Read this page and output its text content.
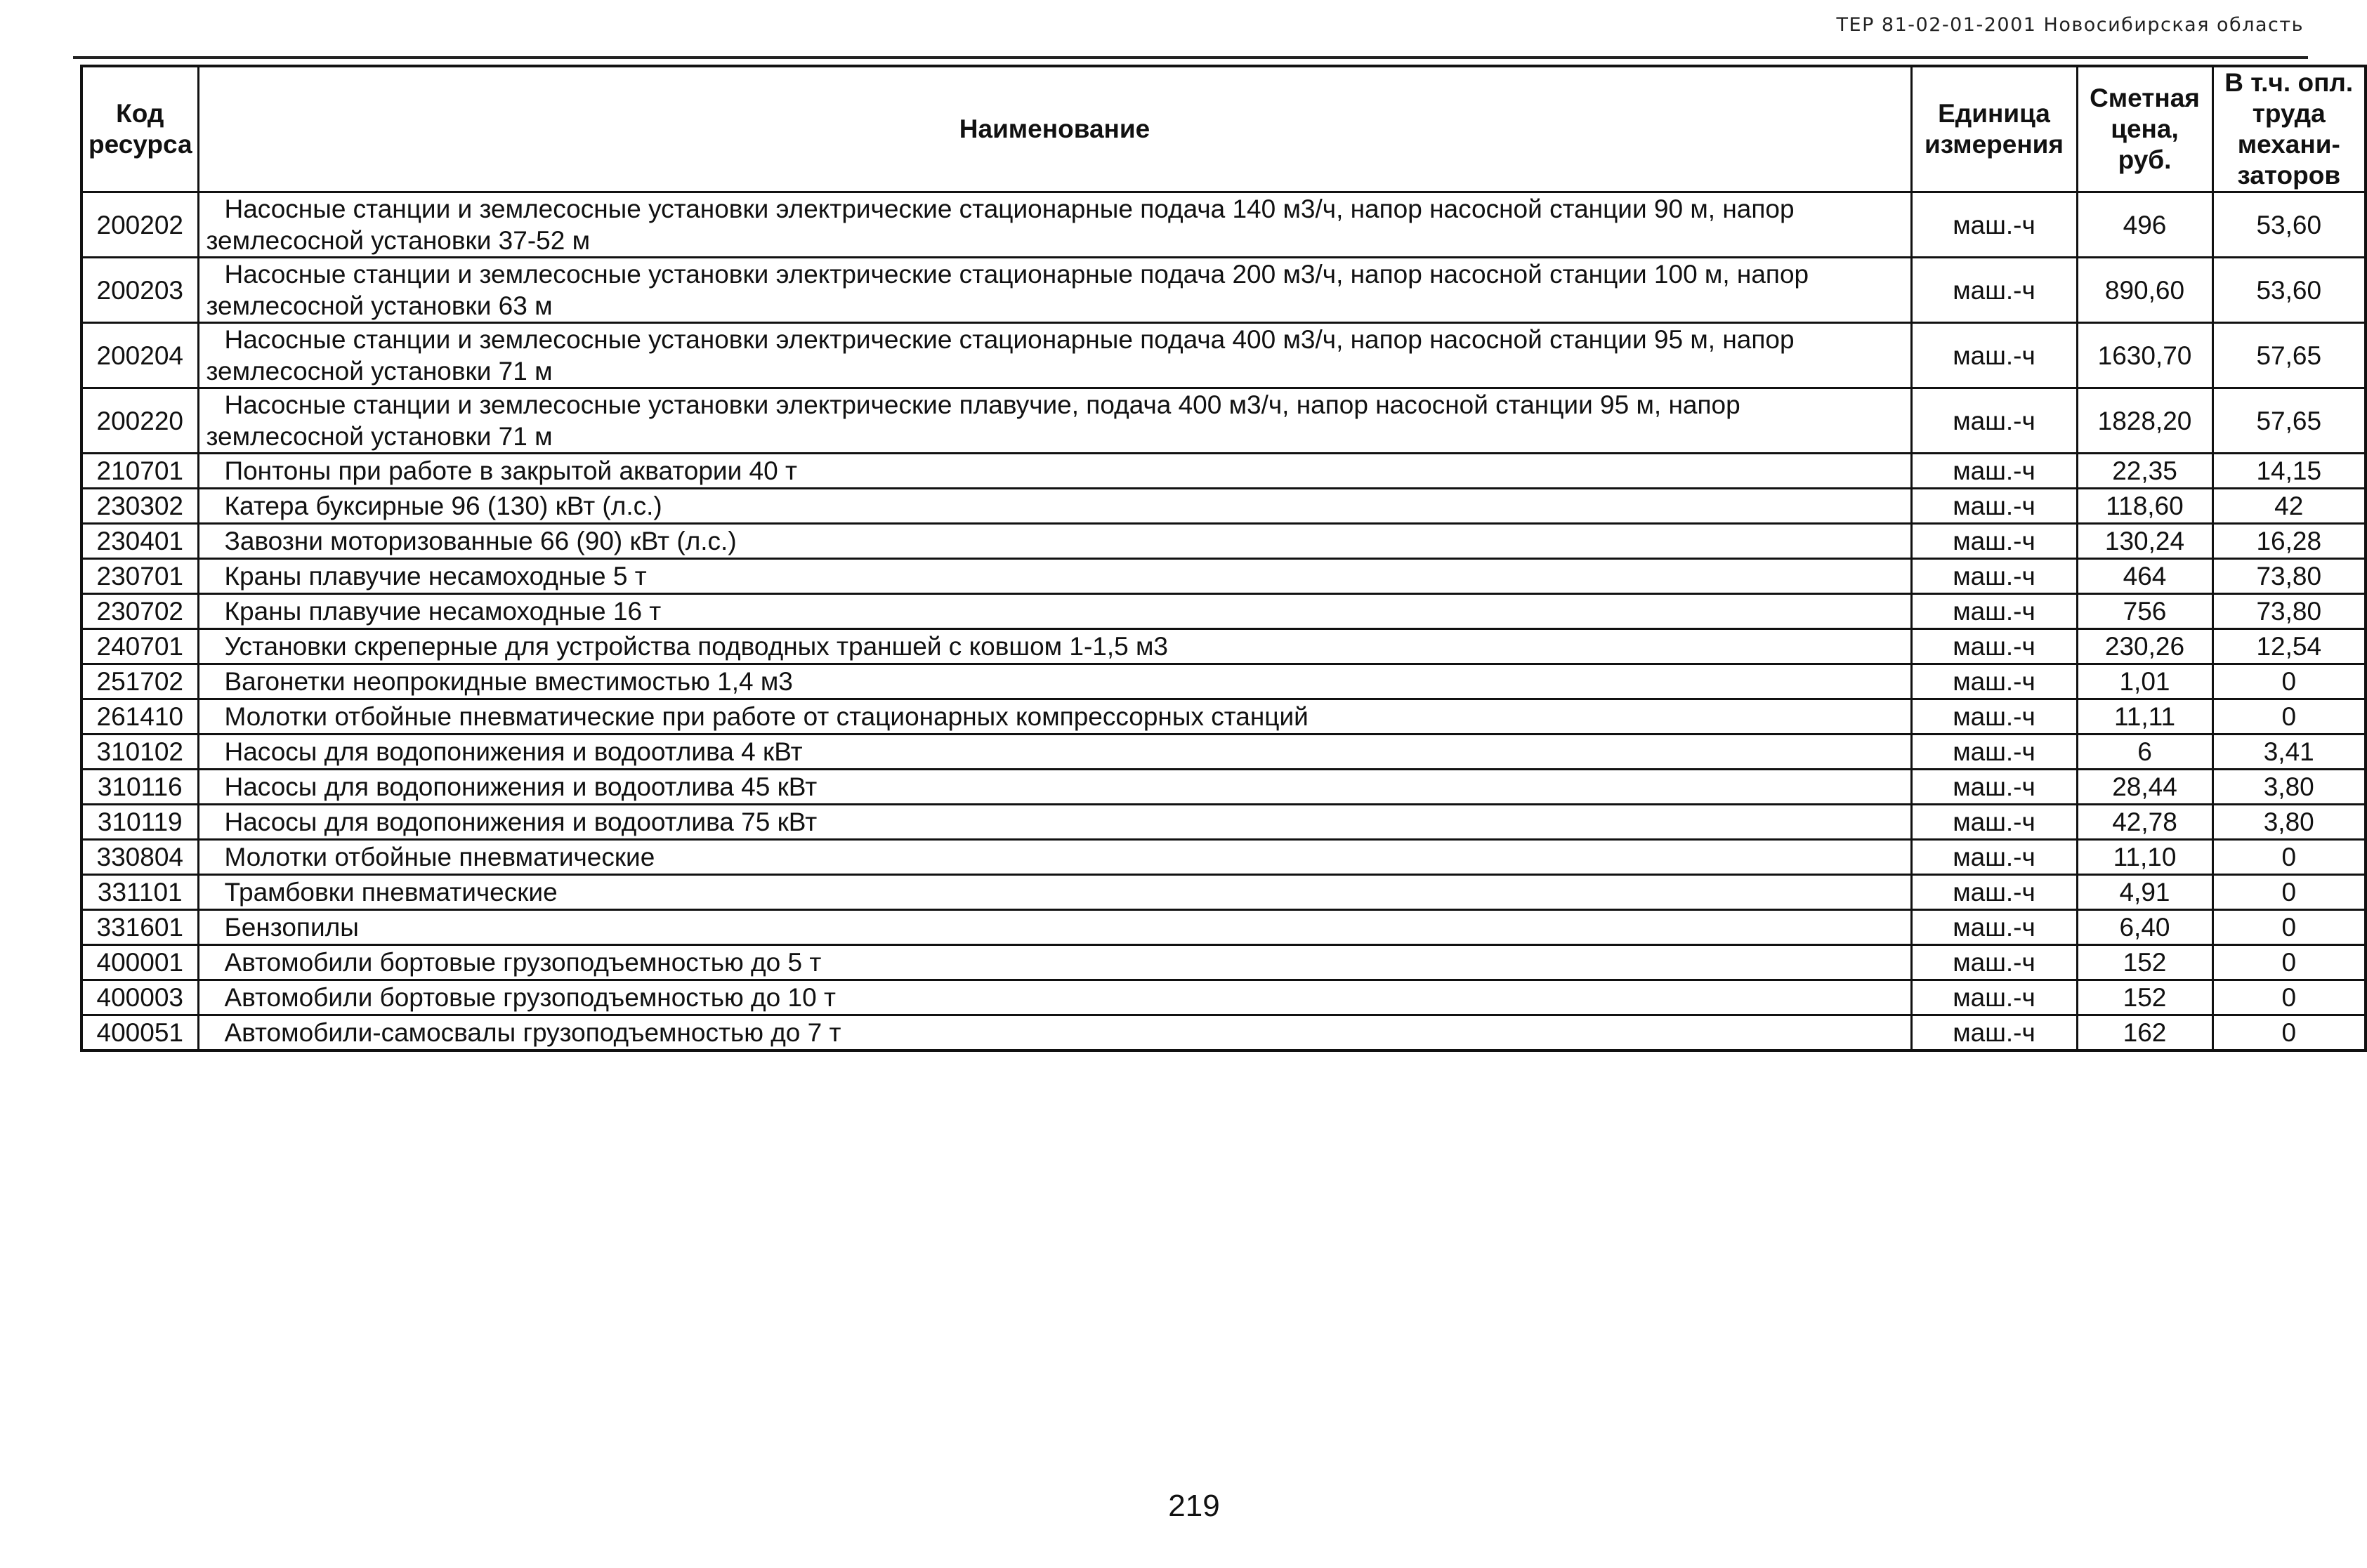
ТЕР 81-02-01-2001 Новосибирская область
Код ресурса	Наименование	Единица измерения	Сметная цена, руб.	В т.ч. опл. труда механи-заторов
200202	Насосные станции и землесосные установки электрические стационарные подача 140 м3/ч, напор насосной станции 90 м, напор землесосной установки 37-52 м	маш.-ч	496	53,60
200203	Насосные станции и землесосные установки электрические стационарные подача 200 м3/ч, напор насосной станции 100 м, напор землесосной установки 63 м	маш.-ч	890,60	53,60
200204	Насосные станции и землесосные установки электрические стационарные подача 400 м3/ч, напор насосной станции 95 м, напор землесосной установки 71 м	маш.-ч	1630,70	57,65
200220	Насосные станции и землесосные установки электрические плавучие, подача 400 м3/ч, напор насосной станции 95 м, напор землесосной установки 71 м	маш.-ч	1828,20	57,65
210701	Понтоны при работе в закрытой акватории 40 т	маш.-ч	22,35	14,15
230302	Катера буксирные 96 (130) кВт (л.с.)	маш.-ч	118,60	42
230401	Завозни моторизованные 66 (90) кВт (л.с.)	маш.-ч	130,24	16,28
230701	Краны плавучие несамоходные 5 т	маш.-ч	464	73,80
230702	Краны плавучие несамоходные 16 т	маш.-ч	756	73,80
240701	Установки скреперные для устройства подводных траншей с ковшом 1-1,5 м3	маш.-ч	230,26	12,54
251702	Вагонетки неопрокидные вместимостью 1,4 м3	маш.-ч	1,01	0
261410	Молотки отбойные пневматические при работе от стационарных компрессорных станций	маш.-ч	11,11	0
310102	Насосы для водопонижения и водоотлива 4 кВт	маш.-ч	6	3,41
310116	Насосы для водопонижения и водоотлива 45 кВт	маш.-ч	28,44	3,80
310119	Насосы для водопонижения и водоотлива 75 кВт	маш.-ч	42,78	3,80
330804	Молотки отбойные пневматические	маш.-ч	11,10	0
331101	Трамбовки пневматические	маш.-ч	4,91	0
331601	Бензопилы	маш.-ч	6,40	0
400001	Автомобили бортовые грузоподъемностью до 5 т	маш.-ч	152	0
400003	Автомобили бортовые грузоподъемностью до 10 т	маш.-ч	152	0
400051	Автомобили-самосвалы грузоподъемностью до 7 т	маш.-ч	162	0
219
